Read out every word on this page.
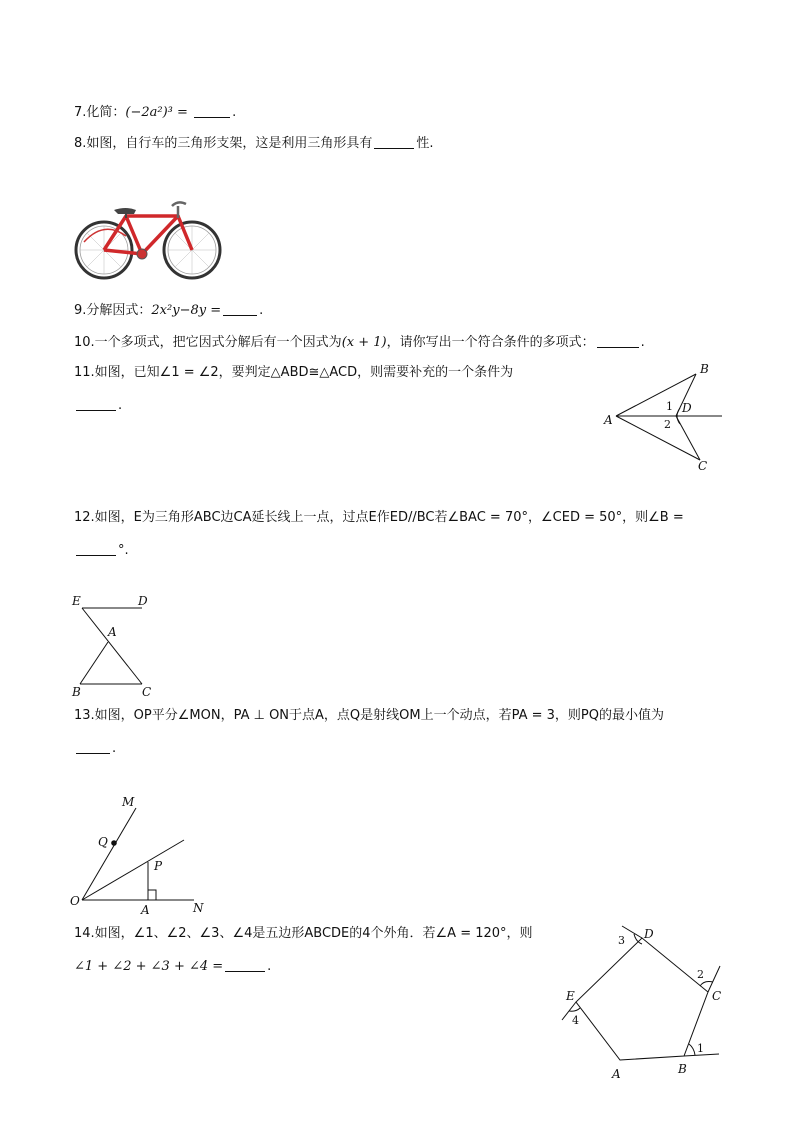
7.化简：(−2a²)³ =	.
8.如图，自行车的三角形支架，这是利用三角形具有	性.
9.分解因式：2x²y−8y =	.
10.一个多项式，把它因式分解后有一个因式为(x + 1)，请你写出一个符合条件的多项式：	.
11.如图，已知∠1 = ∠2，要判定△ABD≅△ACD，则需要补充的一个条件为
.
A
B
C
D
1
2
12.如图，E为三角形ABC边CA延长线上一点，过点E作ED//BC若∠BAC = 70°，∠CED = 50°，则∠B =
°.
E	D
A
B	C
13.如图，OP平分∠MON，PA ⊥ ON于点A，点Q是射线OM上一个动点，若PA = 3，则PQ的最小值为
.
M
Q
P
O
A	N
14.如图，∠1、∠2、∠3、∠4是五边形ABCDE的4个外角．若∠A = 120°，则
∠1 + ∠2 + ∠3 + ∠4 =	.
A	B
C
D
E
1
2
3
4
